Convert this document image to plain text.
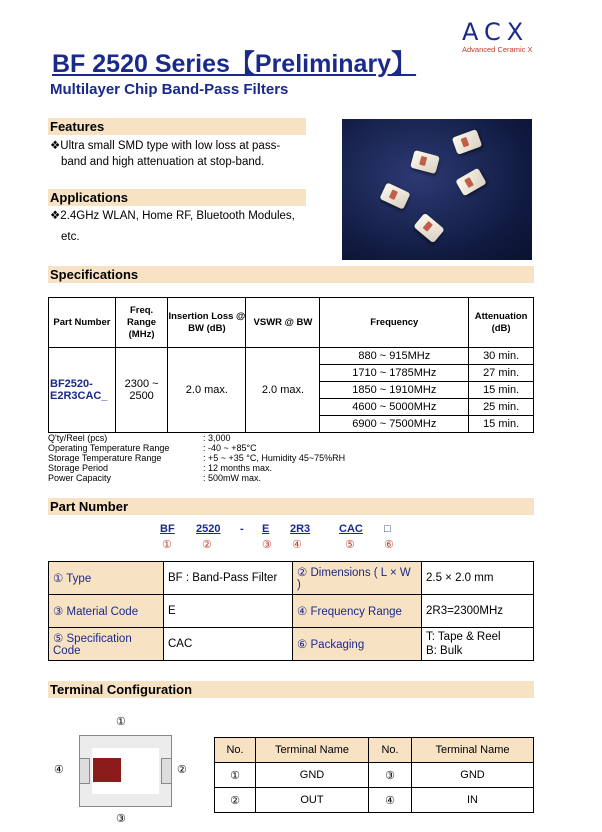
ACX
Advanced Ceramic X
BF 2520 Series【Preliminary】
Multilayer Chip Band-Pass Filters
Features
❖Ultra small SMD type with low loss at pass-
band and high attenuation at stop-band.
Applications
❖2.4GHz WLAN, Home RF, Bluetooth Modules,
etc.
Specifications
Part Number	Freq. Range (MHz)	Insertion Loss @ BW (dB)	VSWR @ BW	Frequency	Attenuation (dB)
BF2520-E2R3CAC_	2300 ~ 2500	2.0 max.	2.0 max.	880 ~ 915MHz	30 min.
				1710 ~ 1785MHz	27 min.
				1850 ~ 1910MHz	15 min.
				4600 ~ 5000MHz	25 min.
				6900 ~ 7500MHz	15 min.
Q'ty/Reel (pcs)	: 3,000
Operating Temperature Range	: -40 ~ +85°C
Storage Temperature Range	: +5 ~ +35 °C, Humidity 45~75%RH
Storage Period	: 12 months max.
Power Capacity	: 500mW max.
Part Number
BF 2520 - E 2R3	CAC □
①	②	③ ④	⑤	⑥
① Type	BF : Band-Pass Filter	② Dimensions ( L × W )	2.5 × 2.0 mm
③ Material Code	E	④ Frequency Range	2R3=2300MHz
⑤ Specification Code	CAC	⑥ Packaging	T: Tape & Reel
B: Bulk
Terminal Configuration
①
④	②
③
No.	Terminal Name	No.	Terminal Name
①	GND	③	GND
②	OUT	④	IN
